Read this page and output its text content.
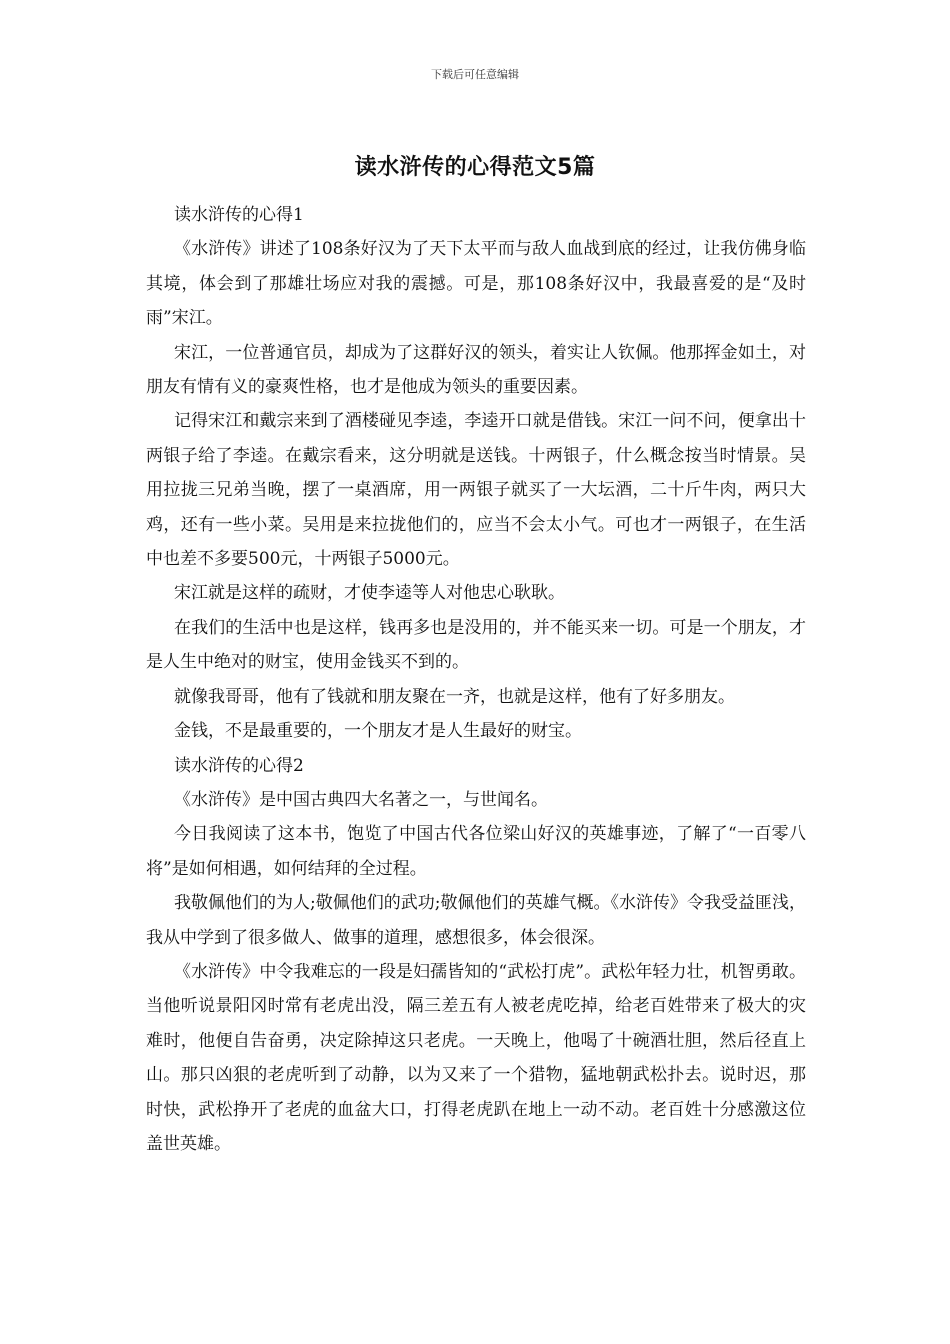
下载后可任意编辑
读水浒传的心得范文5篇

读水浒传的心得1

《水浒传》讲述了108条好汉为了天下太平而与敌人血战到底的经过，让我仿佛身临其境，体会到了那雄壮场应对我的震撼。可是，那108条好汉中，我最喜爱的是“及时雨”宋江。

宋江，一位普通官员，却成为了这群好汉的领头，着实让人钦佩。他那挥金如土，对朋友有情有义的豪爽性格，也才是他成为领头的重要因素。

记得宋江和戴宗来到了酒楼碰见李逵，李逵开口就是借钱。宋江一问不问，便拿出十两银子给了李逵。在戴宗看来，这分明就是送钱。十两银子，什么概念按当时情景。吴用拉拢三兄弟当晚，摆了一桌酒席，用一两银子就买了一大坛酒，二十斤牛肉，两只大鸡，还有一些小菜。吴用是来拉拢他们的，应当不会太小气。可也才一两银子，在生活中也差不多要500元，十两银子5000元。

宋江就是这样的疏财，才使李逵等人对他忠心耿耿。

在我们的生活中也是这样，钱再多也是没用的，并不能买来一切。可是一个朋友，才是人生中绝对的财宝，使用金钱买不到的。

就像我哥哥，他有了钱就和朋友聚在一齐，也就是这样，他有了好多朋友。

金钱，不是最重要的，一个朋友才是人生最好的财宝。

读水浒传的心得2

《水浒传》是中国古典四大名著之一，与世闻名。

今日我阅读了这本书，饱览了中国古代各位梁山好汉的英雄事迹，了解了“一百零八将”是如何相遇，如何结拜的全过程。

我敬佩他们的为人;敬佩他们的武功;敬佩他们的英雄气概。《水浒传》令我受益匪浅，我从中学到了很多做人、做事的道理，感想很多，体会很深。

《水浒传》中令我难忘的一段是妇孺皆知的“武松打虎”。武松年轻力壮，机智勇敢。当他听说景阳冈时常有老虎出没，隔三差五有人被老虎吃掉，给老百姓带来了极大的灾难时，他便自告奋勇，决定除掉这只老虎。一天晚上，他喝了十碗酒壮胆，然后径直上山。那只凶狠的老虎听到了动静，以为又来了一个猎物，猛地朝武松扑去。说时迟，那时快，武松挣开了老虎的血盆大口，打得老虎趴在地上一动不动。老百姓十分感激这位盖世英雄。
